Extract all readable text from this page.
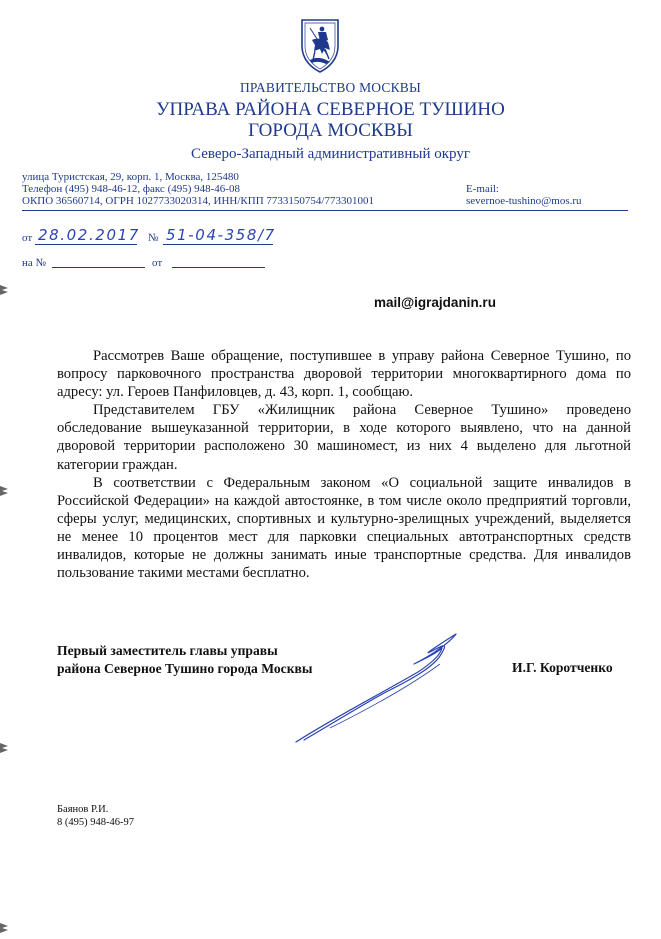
ПРАВИТЕЛЬСТВО МОСКВЫ
УПРАВА РАЙОНА СЕВЕРНОЕ ТУШИНО
ГОРОДА МОСКВЫ
Северо-Западный административный округ
улица Туристская, 29, корп. 1, Москва, 125480
Телефон (495) 948-46-12, факс (495) 948-46-08
ОКПО 36560714, ОГРН 1027733020314, ИНН/КПП 7733150754/773301001
E-mail:
severnoe-tushino@mos.ru
от 28.02.2017 № 51-04-358/7
на №	от
mail@igrajdanin.ru

Рассмотрев Ваше обращение, поступившее в управу района Северное Тушино, по вопросу парковочного пространства дворовой территории многоквартирного дома по адресу: ул. Героев Панфиловцев, д. 43, корп. 1, сообщаю.

Представителем ГБУ «Жилищник района Северное Тушино» проведено обследование вышеуказанной территории, в ходе которого выявлено, что на данной дворовой территории расположено 30 машиномест, из них 4 выделено для льготной категории граждан.

В соответствии с Федеральным законом «О социальной защите инвалидов в Российской Федерации» на каждой автостоянке, в том числе около предприятий торговли, сферы услуг, медицинских, спортивных и культурно-зрелищных учреждений, выделяется не менее 10 процентов мест для парковки специальных автотранспортных средств инвалидов, которые не должны занимать иные транспортные средства. Для инвалидов пользование такими местами бесплатно.

Первый заместитель главы управы
района Северное Тушино города Москвы	И.Г. Коротченко
Баянов Р.И.
8 (495) 948-46-97
